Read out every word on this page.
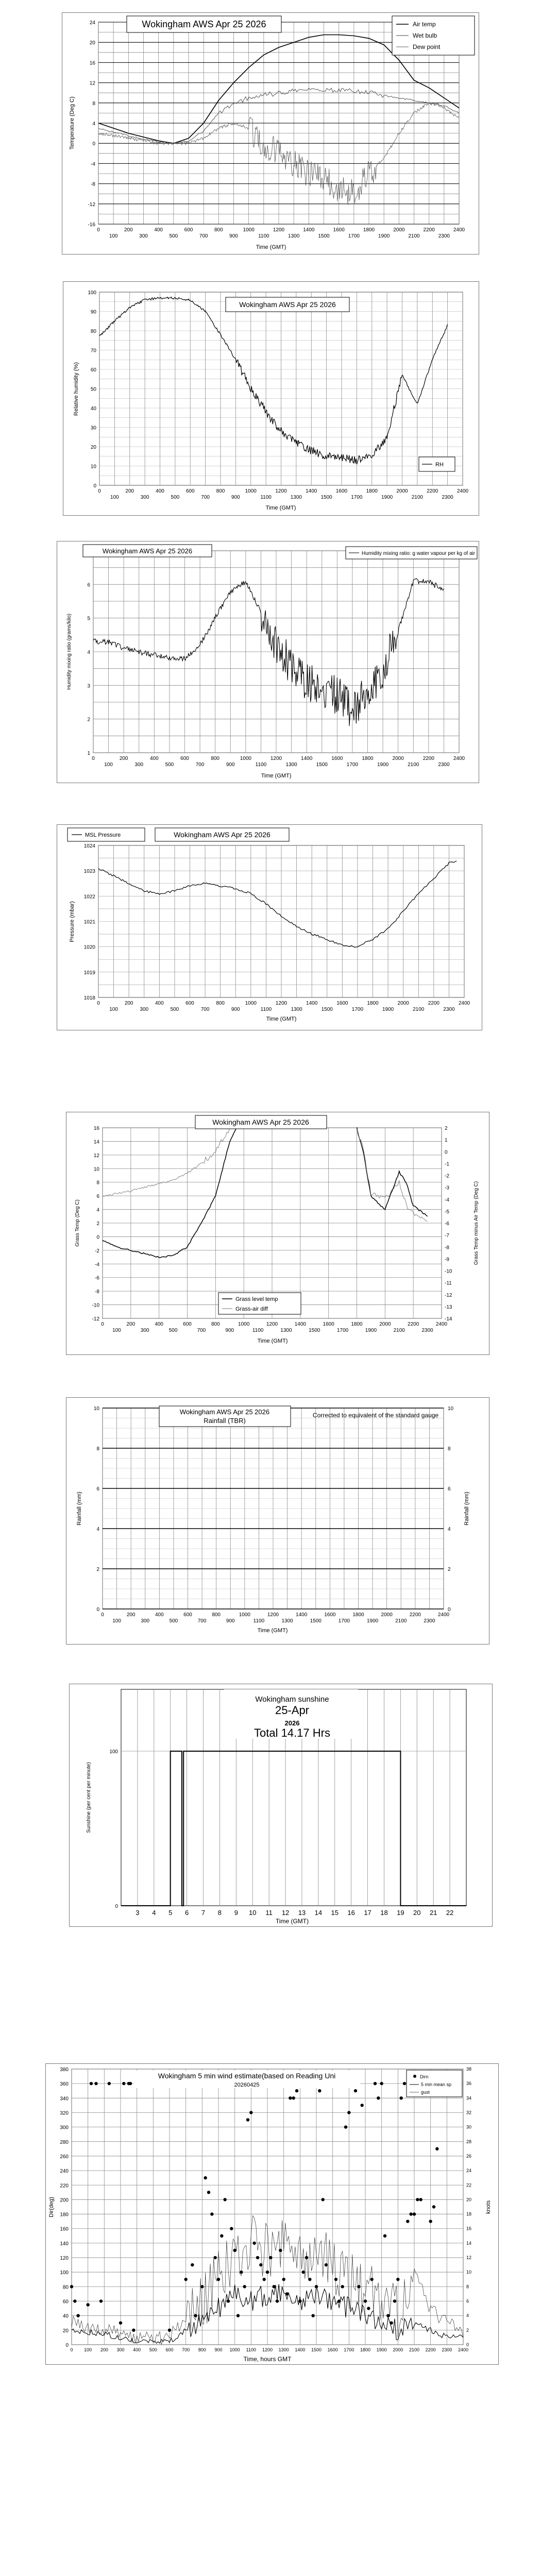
-16
-12
-8
-4
0
4
8
12
16
20
24
0	200	400	600	800	1000	1200	1400	1600	1800	2000	2200	2400
100	300	500	700	900	1100	1300	1500	1700	1900	2100	2300
Wokingham AWS Apr 25 2026	Air temp
Wet bulb
Dew point
Time (GMT)
Temperature (Deg C)
0
10
20
30
40
50
60
70
80
90
100
0	200	400	600	800	1000	1200	1400	1600	1800	2000	2200	2400
100	300	500	700	900	1100	1300	1500	1700	1900	2100	2300
Wokingham AWS Apr 25 2026
RH
Time (GMT)
Relative humidity (%)
1
2
3
4
5
6
0	200	400	600	800	1000	1200	1400	1600	1800	2000	2200	2400
100	300	500	700	900	1100	1300	1500	1700	1900	2100	2300
Wokingham AWS Apr 25 2026	Humidity mixing ratio: g water vapour per kg of air
Time (GMT)
Humidity mixing ratio (grams/kilo)
1018
1019
1020
1021
1022
1023
1024
0	200	400	600	800	1000	1200	1400	1600	1800	2000	2200	2400
100	300	500	700	900	1100	1300	1500	1700	1900	2100	2300
MSL Pressure	Wokingham AWS Apr 25 2026
Time (GMT)
Pressure (mbar)
-12
-10
-8
-6
-4
-2
0
2
4
6
8
10
12
14
16
0	200	400	600	800	1000	1200	1400	1600	1800	2000	2200	2400
100	300	500	700	900	1100	1300	1500	1700	1900	2100	2300
-14
-13
-12
-11
-10
-9
-8
-7
-6
-5
-4
-3
-2
-1
0
1
2
Wokingham AWS Apr 25 2026
Grass level temp
Grass-air diff
Time (GMT)
Grass Temp (Deg C)	Grass Temp minus Air Temp (Deg C)
0
2
4
6
8
10
0	200	400	600	800	1000	1200	1400	1600	1800	2000	2200	2400
100	300	500	700	900	1100	1300	1500	1700	1900	2100	2300
0
2
4
6
8
10
Wokingham AWS Apr 25 2026
Rainfall (TBR)
Corrected to equivalent of the standard gauge
Time (GMT)
Rainfall (mm)	Rainfall (mm)
0
100
3 4 5 6 7 8 9 10 11 12 13 14 15 16 17 18 19 20 21 22
Wokingham sunshine
25-Apr
2026
Total 14.17 Hrs
Time (GMT)
Sunshine (per cent per minute)
0
20
40
60
80
100
120
140
160
180
200
220
240
260
280
300
320
340
360
380
0 100 200 300 400 500 600 700 800 900 1000 1100 1200 1300 1400 1500 1600 1700 1800 1900 2000 2100 2200 2300 2400
0
2
4
6
8
10
12
14
16
18
20
22
24
26
28
30
32
34
36
38
Wokingham 5 min wind estimate(based on Reading Uni
20260425
Dirn
5 min mean sp
gust
Time, hours GMT
Dir(deg)	knots
